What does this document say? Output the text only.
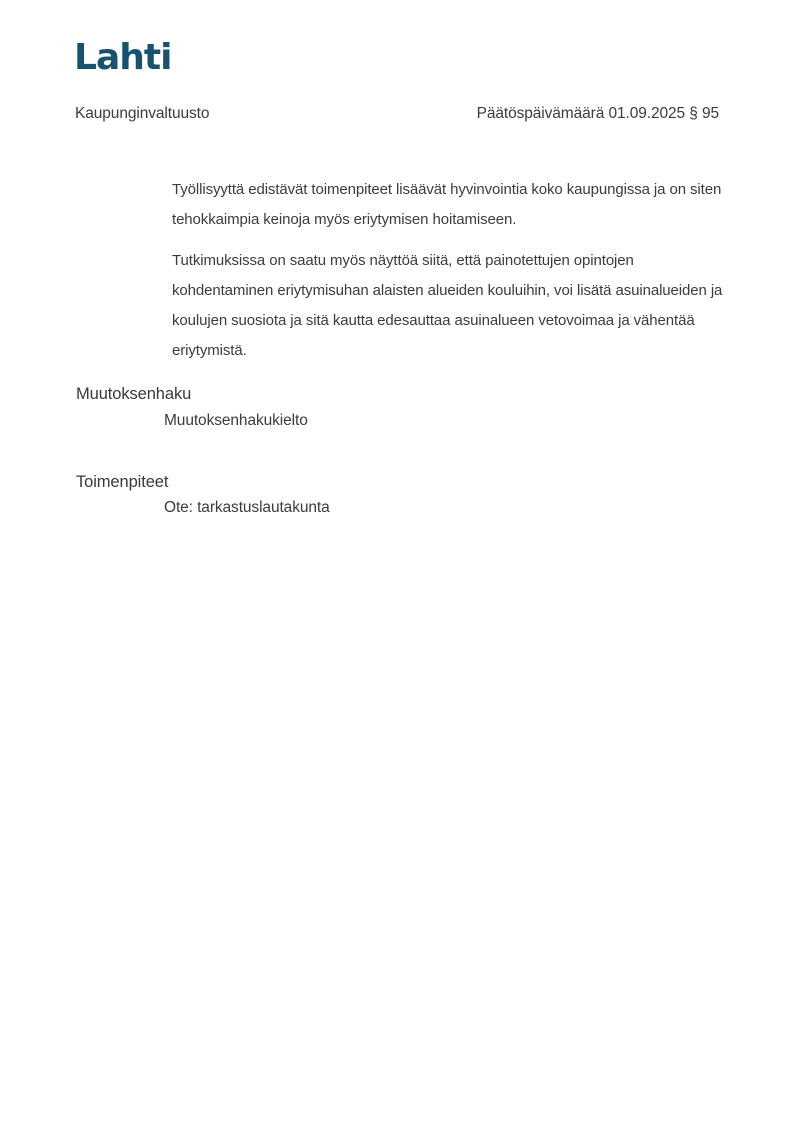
Lahti
Kaupunginvaltuusto	Päätöspäivämäärä 01.09.2025 § 95

Työllisyyttä edistävät toimenpiteet lisäävät hyvinvointia koko kaupungissa ja on siten tehokkaimpia keinoja myös eriytymisen hoitamiseen.

Tutkimuksissa on saatu myös näyttöä siitä, että painotettujen opintojen kohdentaminen eriytymisuhan alaisten alueiden kouluihin, voi lisätä asuinalueiden ja koulujen suosiota ja sitä kautta edesauttaa asuinalueen vetovoimaa ja vähentää eriytymistä.

Muutoksenhaku
Muutoksenhakukielto
Toimenpiteet
Ote: tarkastuslautakunta
